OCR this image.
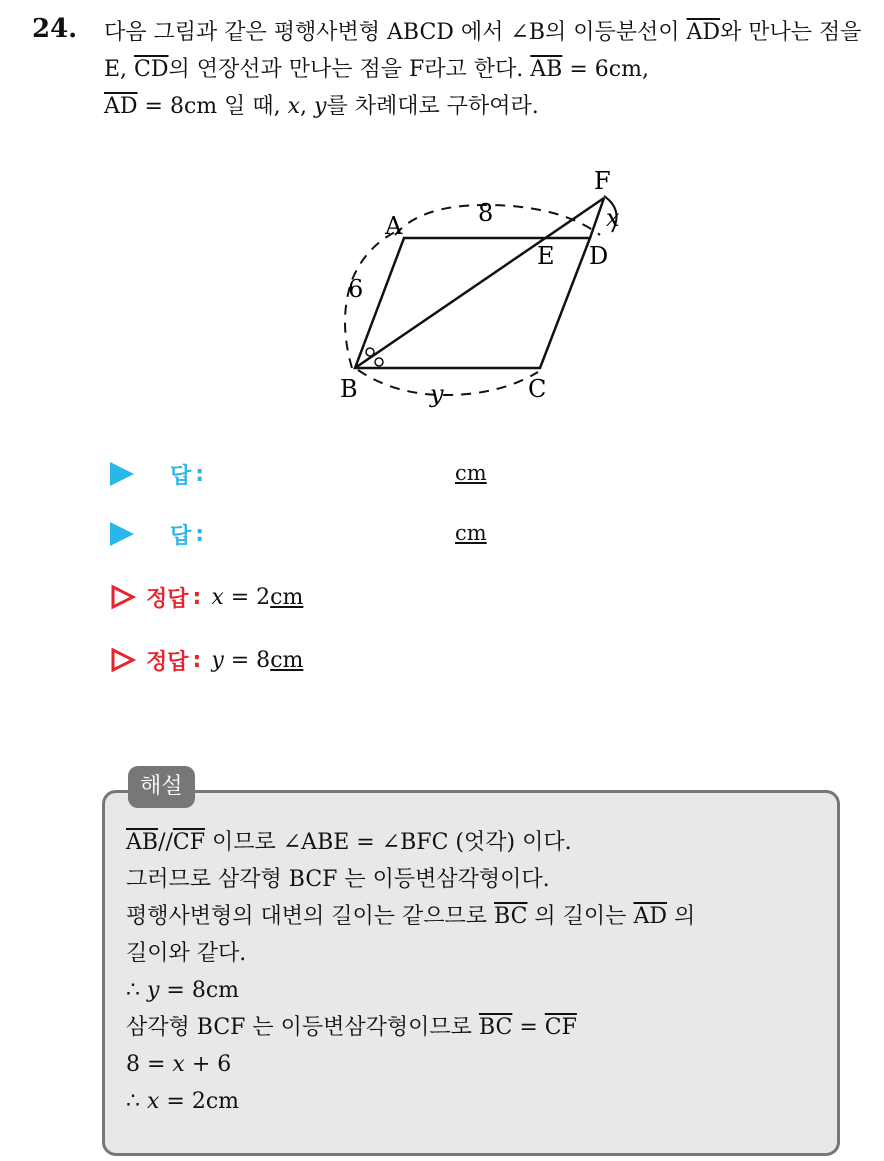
24. 다음 그림과 같은 평행사변형 ABCD 에서 ∠B의 이등분선이 $\overline{AD}$와 만나는 점을 E, $\overline{CD}$의 연장선과 만나는 점을 F라고 한다. $\overline{AB} = 6cm$,
$\overline{AD} = 8cm$ 일 때, x, y를 차례대로 구하여라.
A
B	C
D
E
F
8
6
x
y
답 :	cm
답 :	cm
정답 : x = 2cm
정답 : y = 8cm
해설
$\overline{AB}//\overline{CF}$ 이므로 ∠ABE = ∠BFC (엇각) 이다.
그러므로 삼각형 BCF 는 이등변삼각형이다.
평행사변형의 대변의 길이는 같으므로 $\overline{BC}$ 의 길이는 $\overline{AD}$ 의
길이와 같다.
∴ y = 8cm
삼각형 BCF 는 이등변삼각형이므로 $\overline{BC} = \overline{CF}$
8 = x + 6
∴ x = 2cm
